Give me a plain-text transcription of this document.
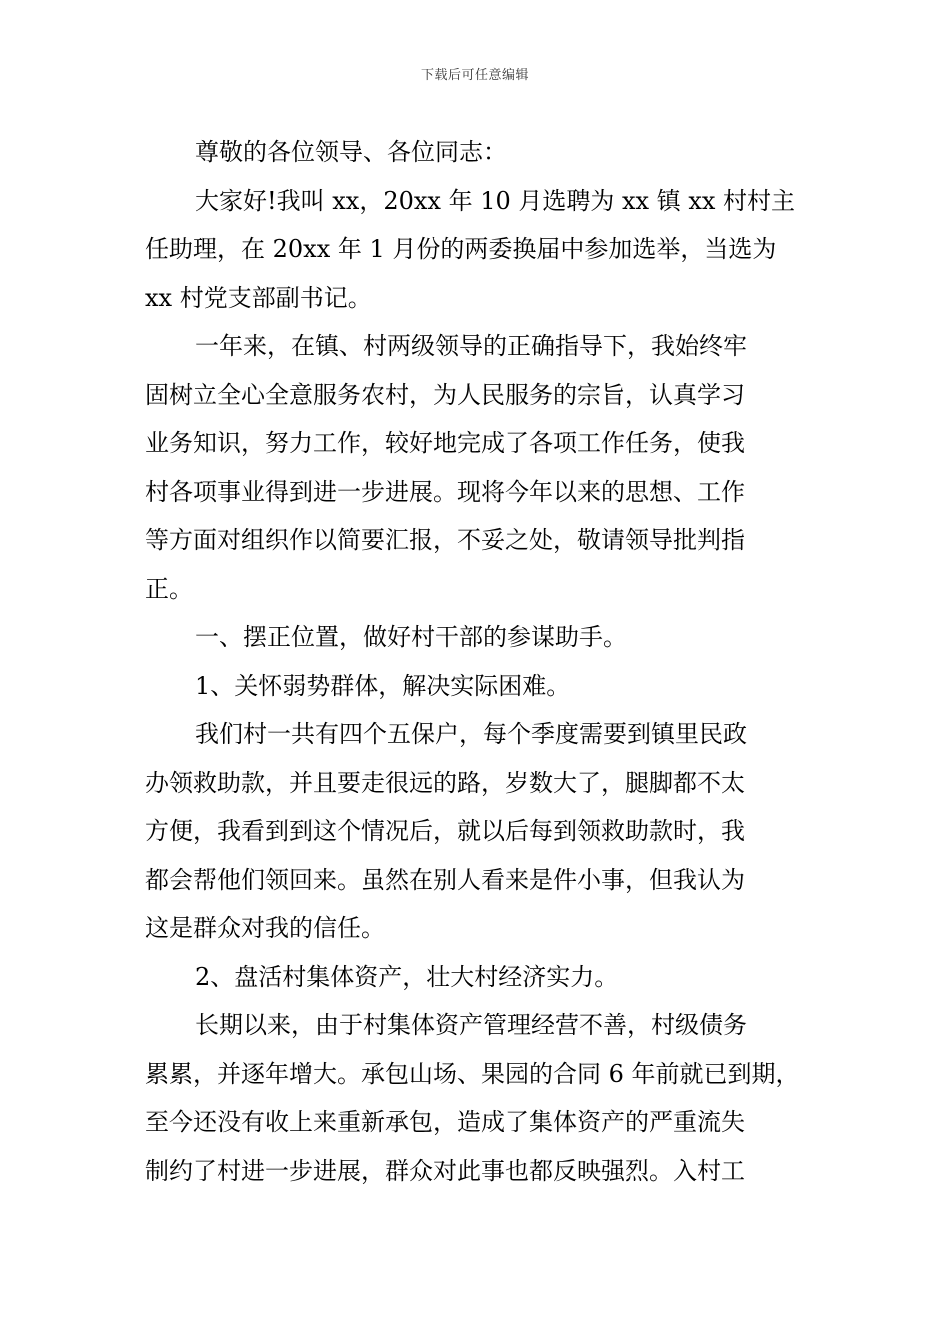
下载后可任意编辑
尊敬的各位领导、各位同志：
大家好!我叫 xx，20xx 年 10 月选聘为 xx 镇 xx 村村主
任助理，在 20xx 年 1 月份的两委换届中参加选举，当选为
xx 村党支部副书记。
一年来，在镇、村两级领导的正确指导下，我始终牢
固树立全心全意服务农村，为人民服务的宗旨，认真学习
业务知识，努力工作，较好地完成了各项工作任务，使我
村各项事业得到进一步进展。现将今年以来的思想、工作
等方面对组织作以简要汇报，不妥之处，敬请领导批判指
正。
一、摆正位置，做好村干部的参谋助手。
1、关怀弱势群体，解决实际困难。
我们村一共有四个五保户，每个季度需要到镇里民政
办领救助款，并且要走很远的路，岁数大了，腿脚都不太
方便，我看到到这个情况后，就以后每到领救助款时，我
都会帮他们领回来。虽然在别人看来是件小事，但我认为
这是群众对我的信任。
2、盘活村集体资产，壮大村经济实力。
长期以来，由于村集体资产管理经营不善，村级债务
累累，并逐年增大。承包山场、果园的合同 6 年前就已到期，
至今还没有收上来重新承包，造成了集体资产的严重流失
制约了村进一步进展，群众对此事也都反映强烈。入村工
